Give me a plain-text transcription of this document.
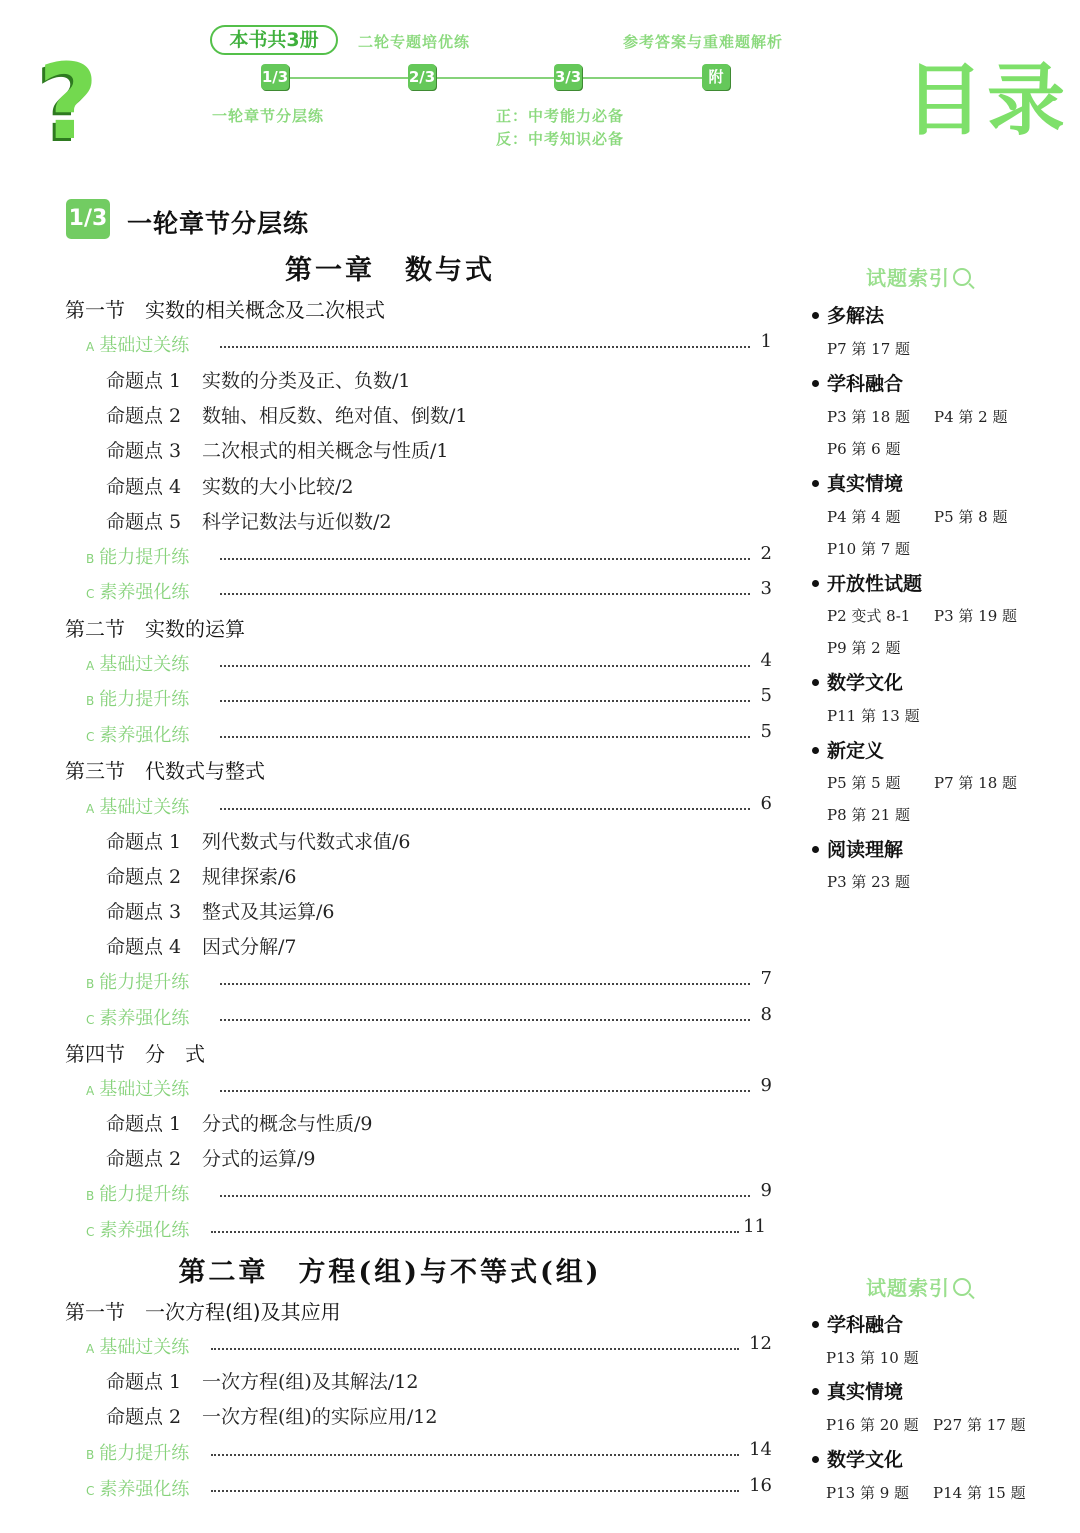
?
本书共3册	二轮专题培优练	参考答案与重难题解析
1/3	2/3	3/3	附
一轮章节分层练	正：中考能力必备
反：中考知识必备	目录
1/3 一轮章节分层练
第一章　数与式
第一节　实数的相关概念及二次根式
A 基础过关练	1
命题点 1 实数的分类及正、负数/1
命题点 2 数轴、相反数、绝对值、倒数/1
命题点 3 二次根式的相关概念与性质/1
命题点 4 实数的大小比较/2
命题点 5 科学记数法与近似数/2
B 能力提升练	2
C 素养强化练	3
第二节　实数的运算
A 基础过关练	4
B 能力提升练	5
C 素养强化练	5
第三节　代数式与整式
A 基础过关练	6
命题点 1 列代数式与代数式求值/6
命题点 2 规律探索/6
命题点 3 整式及其运算/6
命题点 4 因式分解/7
B 能力提升练	7
C 素养强化练	8
第四节　分　式
A 基础过关练	9
命题点 1 分式的概念与性质/9
命题点 2 分式的运算/9
B 能力提升练	9
C 素养强化练	11
第二章　方程(组)与不等式(组)
第一节　一次方程(组)及其应用
A 基础过关练	12
命题点 1 一次方程(组)及其解法/12
命题点 2 一次方程(组)的实际应用/12
B 能力提升练	14
C 素养强化练	16
试题索引
多解法
P7 第 17 题
学科融合
P3 第 18 题 P4 第 2 题
P6 第 6 题
真实情境
P4 第 4 题 P5 第 8 题
P10 第 7 题
开放性试题
P2 变式 8-1 P3 第 19 题
P9 第 2 题
数学文化
P11 第 13 题
新定义
P5 第 5 题 P7 第 18 题
P8 第 21 题
阅读理解
P3 第 23 题
试题索引
学科融合
P13 第 10 题
真实情境
P16 第 20 题 P27 第 17 题
数学文化
P13 第 9 题 P14 第 15 题
